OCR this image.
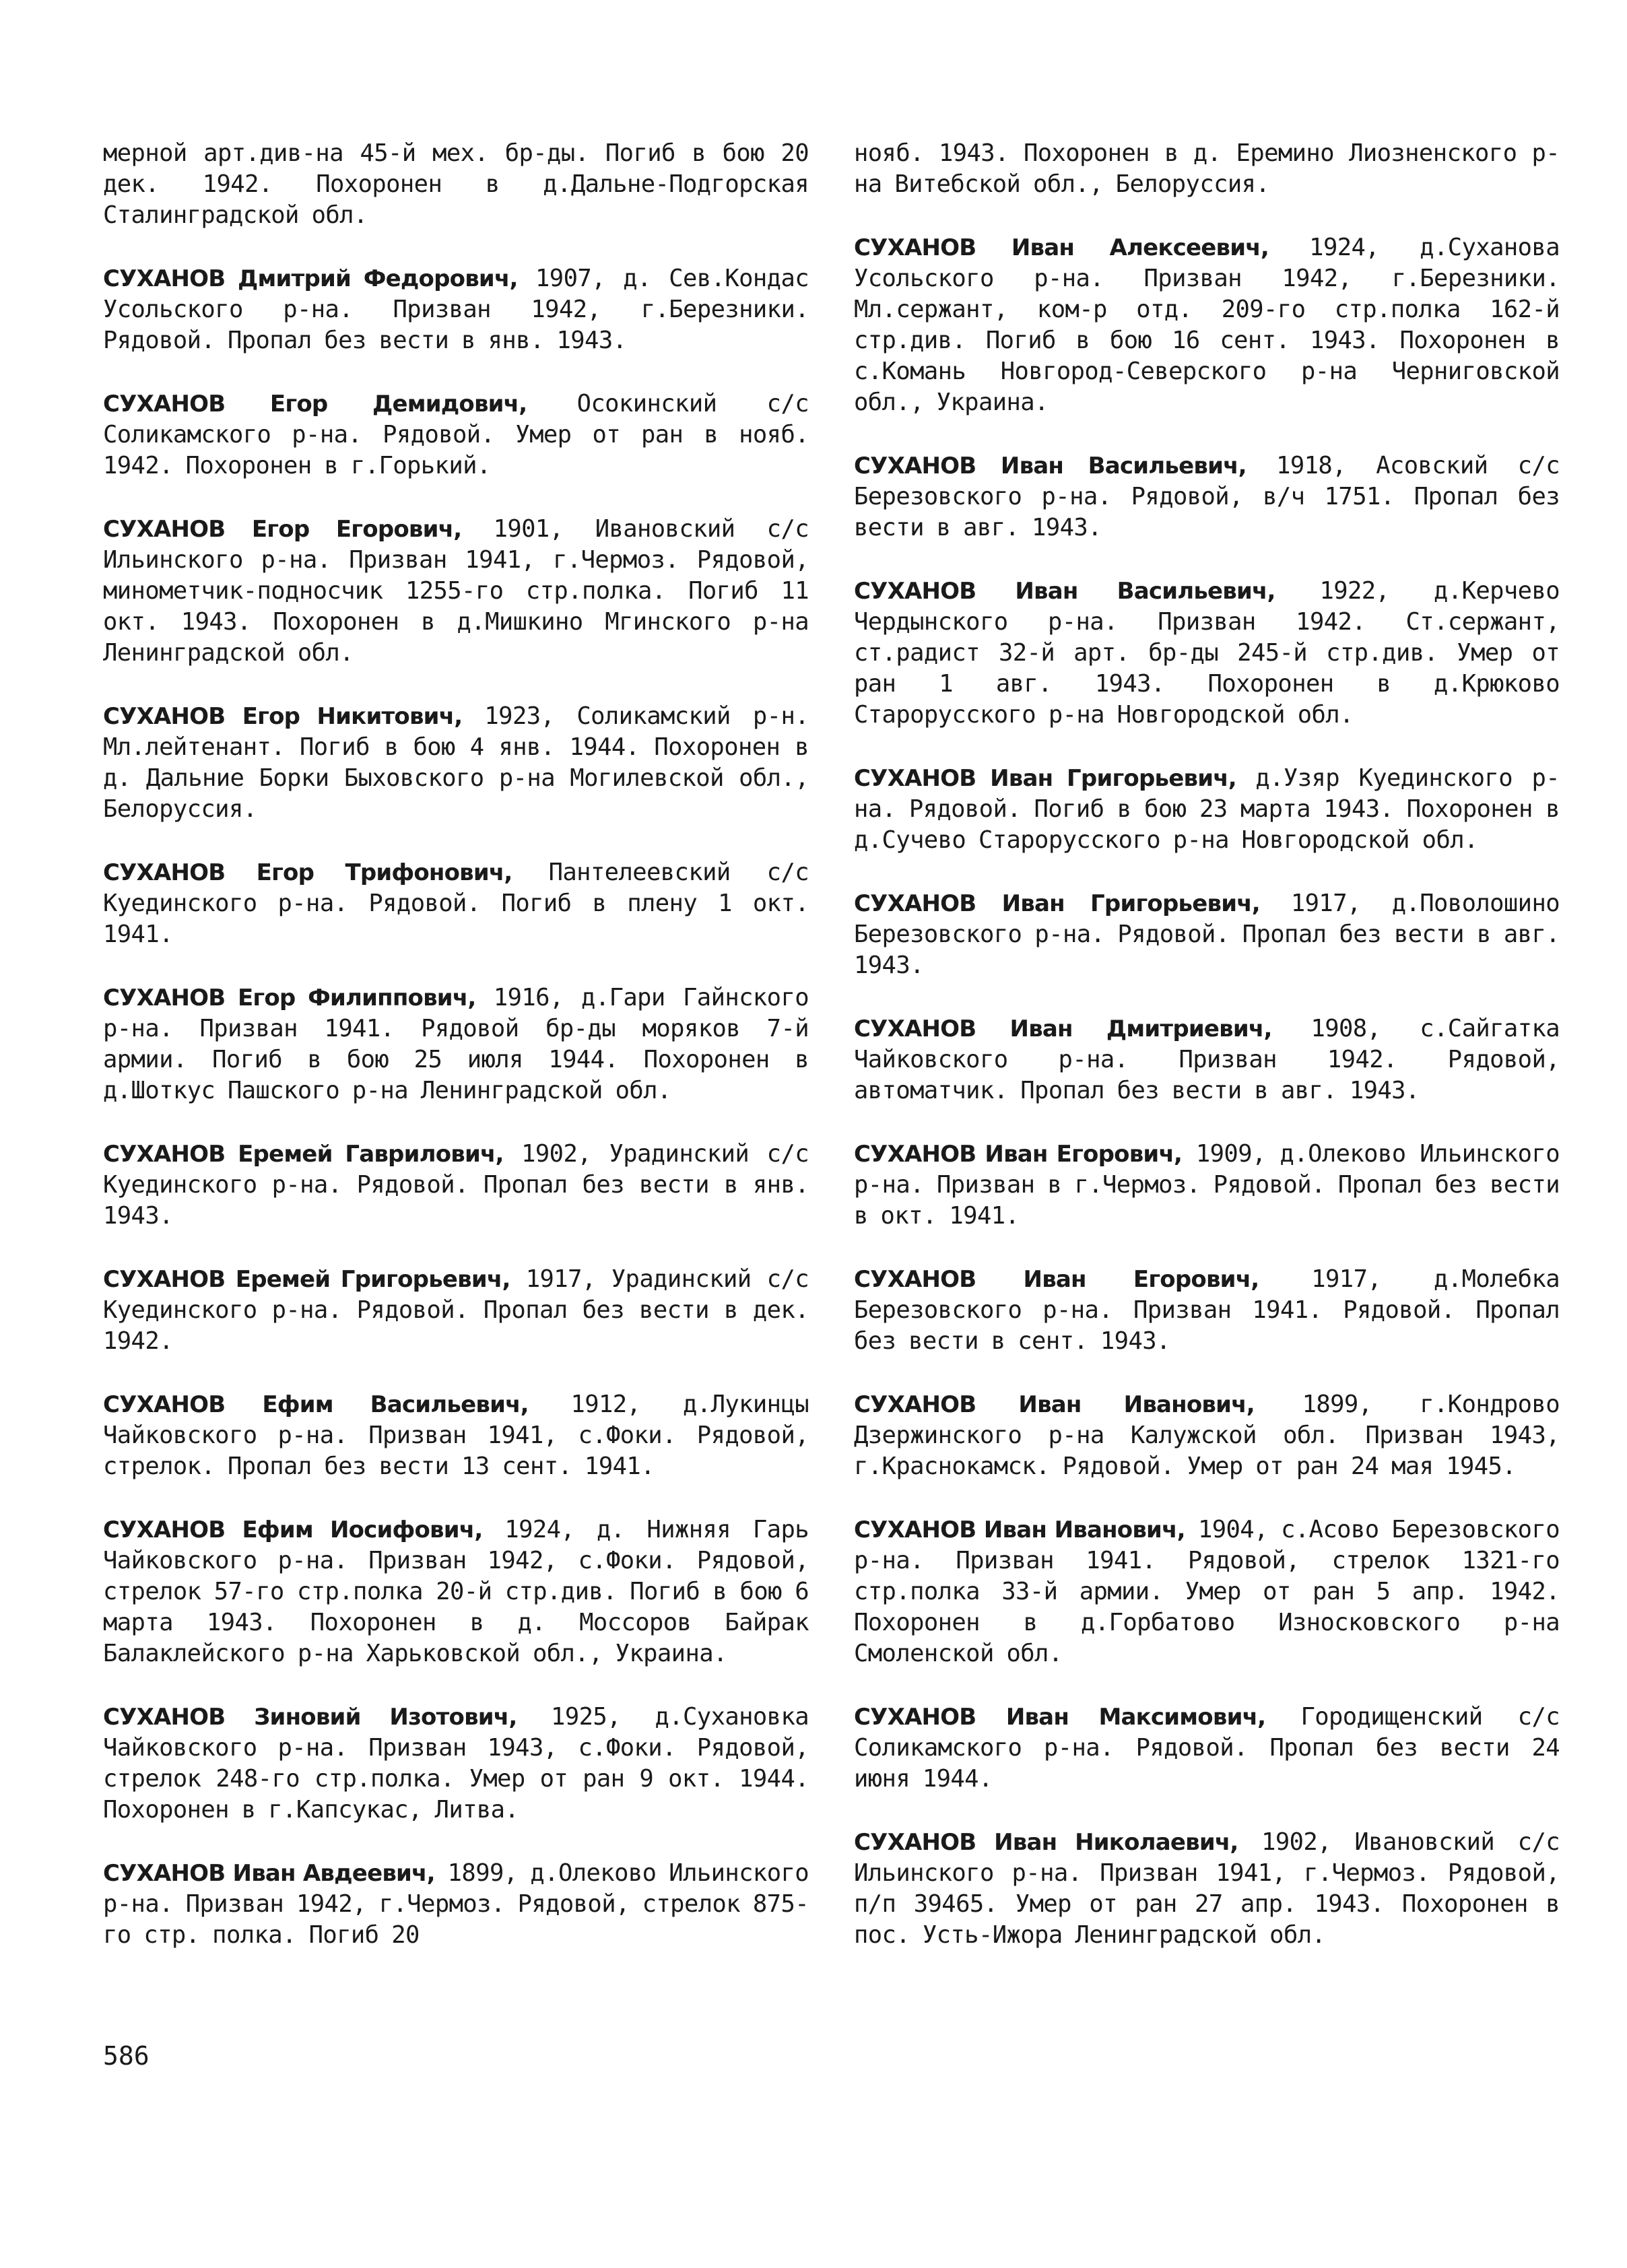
мерной арт.див-на 45-й мех. бр-ды. Погиб в бою 20 дек. 1942. Похоронен в д.Дальне-Подгорская Сталинградской обл.

СУХАНОВ Дмитрий Федорович, 1907, д. Сев.Кондас Усольского р-на. Призван 1942, г.Березники. Рядовой. Пропал без вести в янв. 1943.

СУХАНОВ Егор Демидович, Осокинский с/с Соликамского р-на. Рядовой. Умер от ран в нояб. 1942. Похоронен в г.Горький.

СУХАНОВ Егор Егорович, 1901, Ивановский с/с Ильинского р-на. Призван 1941, г.Чермоз. Рядовой, минометчик-подносчик 1255-го стр.полка. Погиб 11 окт. 1943. Похоронен в д.Мишкино Мгинского р-на Ленинградской обл.

СУХАНОВ Егор Никитович, 1923, Соликамский р-н. Мл.лейтенант. Погиб в бою 4 янв. 1944. Похоронен в д. Дальние Борки Быховского р-на Могилевской обл., Белоруссия.

СУХАНОВ Егор Трифонович, Пантелеевский с/с Куединского р-на. Рядовой. Погиб в плену 1 окт. 1941.

СУХАНОВ Егор Филиппович, 1916, д.Гари Гайнского р-на. Призван 1941. Рядовой бр-ды моряков 7-й армии. Погиб в бою 25 июля 1944. Похоронен в д.Шоткус Пашского р-на Ленинградской обл.

СУХАНОВ Еремей Гаврилович, 1902, Урадинский с/с Куединского р-на. Рядовой. Пропал без вести в янв. 1943.

СУХАНОВ Еремей Григорьевич, 1917, Урадинский с/с Куединского р-на. Рядовой. Пропал без вести в дек. 1942.

СУХАНОВ Ефим Васильевич, 1912, д.Лукинцы Чайковского р-на. Призван 1941, с.Фоки. Рядовой, стрелок. Пропал без вести 13 сент. 1941.

СУХАНОВ Ефим Иосифович, 1924, д. Нижняя Гарь Чайковского р-на. Призван 1942, с.Фоки. Рядовой, стрелок 57-го стр.полка 20-й стр.див. Погиб в бою 6 марта 1943. Похоронен в д. Моссоров Байрак Балаклейского р-на Харьковской обл., Украина.

СУХАНОВ Зиновий Изотович, 1925, д.Сухановка Чайковского р-на. Призван 1943, с.Фоки. Рядовой, стрелок 248-го стр.полка. Умер от ран 9 окт. 1944. Похоронен в г.Капсукас, Литва.

СУХАНОВ Иван Авдеевич, 1899, д.Олеково Ильинского р-на. Призван 1942, г.Чермоз. Рядовой, стрелок 875-го стр. полка. Погиб 20

нояб. 1943. Похоронен в д. Еремино Лиозненского р-на Витебской обл., Белоруссия.

СУХАНОВ Иван Алексеевич, 1924, д.Суханова Усольского р-на. Призван 1942, г.Березники. Мл.сержант, ком-р отд. 209-го стр.полка 162-й стр.див. Погиб в бою 16 сент. 1943. Похоронен в с.Комань Новгород-Северского р-на Черниговской обл., Украина.

СУХАНОВ Иван Васильевич, 1918, Асовский с/с Березовского р-на. Рядовой, в/ч 1751. Пропал без вести в авг. 1943.

СУХАНОВ Иван Васильевич, 1922, д.Керчево Чердынского р-на. Призван 1942. Ст.сержант, ст.радист 32-й арт. бр-ды 245-й стр.див. Умер от ран 1 авг. 1943. Похоронен в д.Крюково Старорусского р-на Новгородской обл.

СУХАНОВ Иван Григорьевич, д.Узяр Куединского р-на. Рядовой. Погиб в бою 23 марта 1943. Похоронен в д.Сучево Старорусского р-на Новгородской обл.

СУХАНОВ Иван Григорьевич, 1917, д.Поволошино Березовского р-на. Рядовой. Пропал без вести в авг. 1943.

СУХАНОВ Иван Дмитриевич, 1908, с.Сайгатка Чайковского р-на. Призван 1942. Рядовой, автоматчик. Пропал без вести в авг. 1943.

СУХАНОВ Иван Егорович, 1909, д.Олеково Ильинского р-на. Призван в г.Чермоз. Рядовой. Пропал без вести в окт. 1941.

СУХАНОВ Иван Егорович, 1917, д.Молебка Березовского р-на. Призван 1941. Рядовой. Пропал без вести в сент. 1943.

СУХАНОВ Иван Иванович, 1899, г.Кондрово Дзержинского р-на Калужской обл. Призван 1943, г.Краснокамск. Рядовой. Умер от ран 24 мая 1945.

СУХАНОВ Иван Иванович, 1904, с.Асово Березовского р-на. Призван 1941. Рядовой, стрелок 1321-го стр.полка 33-й армии. Умер от ран 5 апр. 1942. Похоронен в д.Горбатово Износковского р-на Смоленской обл.

СУХАНОВ Иван Максимович, Городищенский с/с Соликамского р-на. Рядовой. Пропал без вести 24 июня 1944.

СУХАНОВ Иван Николаевич, 1902, Ивановский с/с Ильинского р-на. Призван 1941, г.Чермоз. Рядовой, п/п 39465. Умер от ран 27 апр. 1943. Похоронен в пос. Усть-Ижора Ленинградской обл.

586
